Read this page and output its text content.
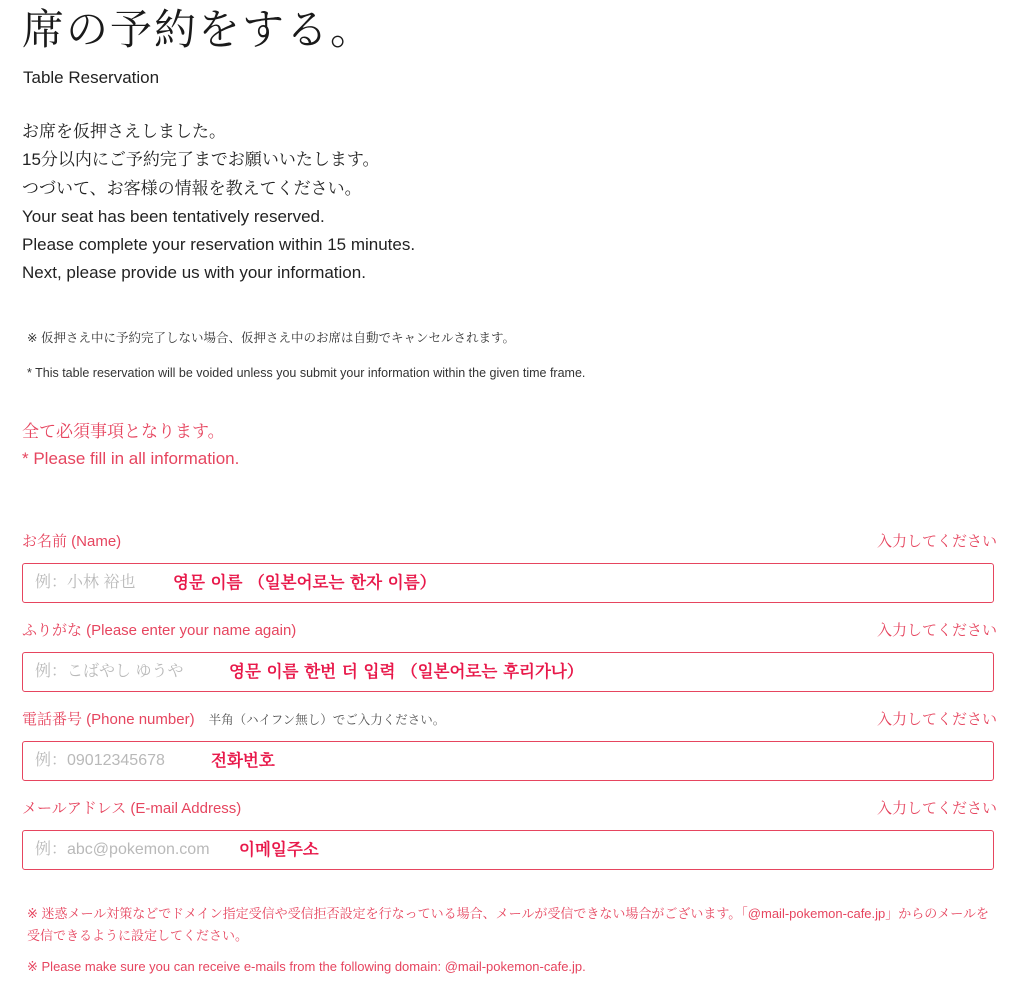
席の予約をする。
Table Reservation
お席を仮押さえしました。
15分以内にご予約完了までお願いいたします。
つづいて、お客様の情報を教えてください。
Your seat has been tentatively reserved.
Please complete your reservation within 15 minutes.
Next, please provide us with your information.
※ 仮押さえ中に予約完了しない場合、仮押さえ中のお席は自動でキャンセルされます。
* This table reservation will be voided unless you submit your information within the given time frame.
全て必須事項となります。
* Please fill in all information.
お名前 (Name)	入力してください
例：小林 裕也
영문 이름 （일본어로는 한자 이름）
ふりがな (Please enter your name again)	入力してください
例：こばやし ゆうや
영문 이름 한번 더 입력 （일본어로는 후리가나）
電話番号 (Phone number) 半角（ハイフン無し）でご入力ください。	入力してください
例：09012345678
전화번호
メールアドレス (E-mail Address)	入力してください
例：abc@pokemon.com
이메일주소
※ 迷惑メール対策などでドメイン指定受信や受信拒否設定を行なっている場合、メールが受信できない場合がございます。「@mail-pokemon-cafe.jp」からのメールを受信できるように設定してください。
※ Please make sure you can receive e-mails from the following domain: @mail-pokemon-cafe.jp.
